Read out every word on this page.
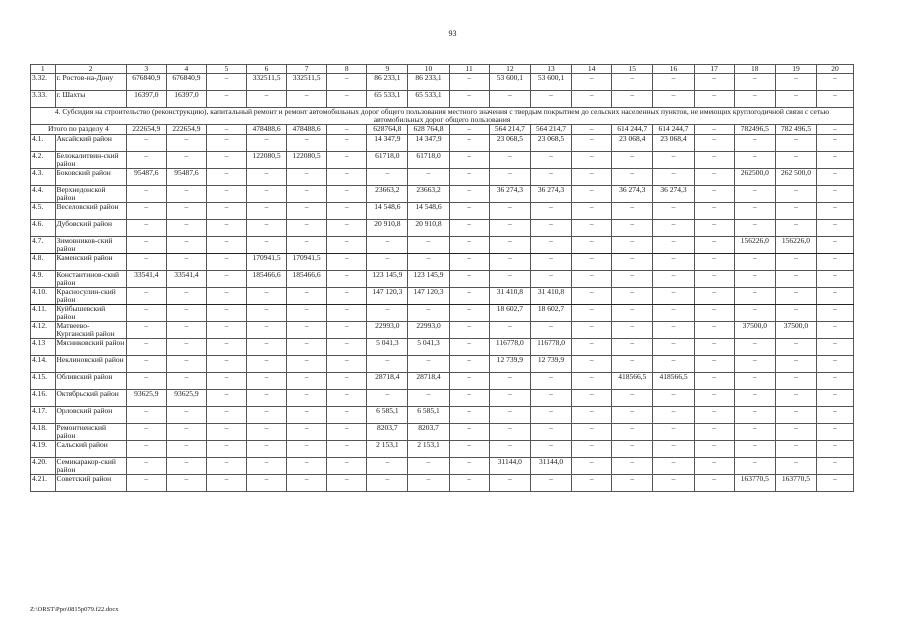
93
1	2	3	4	5	6	7	8	9	10	11	12	13	14	15	16	17	18	19	20
3.32.	г. Ростов-на-Дону	676840,9	676840,9	–	332511,5	332511,5	–	86 233,1	86 233,1	–	53 600,1	53 600,1	–	–	–	–	–	–	–
3.33.	г. Шахты	16397,0	16397,0	–	–	–	–	65 533,1	65 533,1	–	–	–	–	–	–	–	–	–	–
4. Субсидия на строительство (реконструкцию), капитальный ремонт и ремонт автомобильных дорог общего пользования местного значения с твердым покрытием до сельских населенных пунктов, не имеющих круглогодичной связи с сетью автомобильных дорог общего пользования																			
Итого по разделу 4		222654,9	222654,9	–	478488,6	478488,6	–	628764,8	628 764,8	–	564 214,7	564 214,7	–	614 244,7	614 244,7	–	782496,5	782 496,5	–
4.1.	Аксайский район	–	–	–	–	–	–	14 347,9	14 347,9	–	23 068,5	23 068,5	–	23 068,4	23 068,4	–	–	–	–
4.2.	Белокалитвин-ский район	–	–	–	122080,5	122080,5	–	61718,0	61718,0	–	–	–	–	–	–	–	–	–	–
4.3.	Боковский район	95487,6	95487,6	–	–	–	–	–	–	–	–	–	–	–	–	–	262500,0	262 500,0	–
4.4.	Верхнедонской район	–	–	–	–	–	–	23663,2	23663,2	–	36 274,3	36 274,3	–	36 274,3	36 274,3	–	–	–	–
4.5.	Веселовский район	–	–	–	–	–	–	14 548,6	14 548,6	–	–	–	–	–	–	–	–	–	–
4.6.	Дубовский район	–	–	–	–	–	–	20 910,8	20 910,8	–	–	–	–	–	–	–	–	–	–
4.7.	Зимовников-ский район	–	–	–	–	–	–	–	–	–	–	–	–	–	–	–	156226,0	156226,0	–
4.8.	Каменский район	–	–	–	170941,5	170941,5	–	–	–	–	–	–	–	–	–	–	–	–	–
4.9.	Константинов-ский район	33541,4	33541,4	–	185466,6	185466,6	–	123 145,9	123 145,9	–	–	–	–	–	–	–	–	–	–
4.10.	Красносулин-ский район	–	–	–	–	–	–	147 120,3	147 120,3	–	31 410,8	31 410,8	–	–	–	–	–	–	–
4.11.	Куйбышевский район	–	–	–	–	–	–	–	–	–	18 602,7	18 602,7	–	–	–	–	–	–	–
4.12.	Матвеево-Курганский район	–	–	–	–	–	–	22993,0	22993,0	–	–	–	–	–	–	–	37500,0	37500,0	–
4.13	Мясниковский район	–	–	–	–	–	–	5 041,3	5 041,3	–	116778,0	116778,0	–	–	–	–	–	–	–
4.14.	Неклиновский район	–	–	–	–	–	–	–	–	–	12 739,9	12 739,9	–	–	–	–	–	–	–
4.15.	Обливский район	–	–	–	–	–	–	28718,4	28718,4	–	–	–	–	418566,5	418566,5	–	–	–	–
4.16.	Октябрьский район	93625,9	93625,9	–	–	–	–	–	–	–	–	–	–	–	–	–	–	–	–
4.17.	Орловский район	–	–	–	–	–	–	6 585,1	6 585,1	–	–	–	–	–	–	–	–	–	–
4.18.	Ремонтненский район	–	–	–	–	–	–	8203,7	8203,7	–	–	–	–	–	–	–	–	–	–
4.19.	Сальский район	–	–	–	–	–	–	2 153,1	2 153,1	–	–	–	–	–	–	–	–	–	–
4.20.	Семикаракор-ский район	–	–	–	–	–	–	–	–	–	31144,0	31144,0	–	–	–	–	–	–	–
4.21.	Советский район	–	–	–	–	–	–	–	–	–	–	–	–	–	–	–	163770,5	163770,5	–
Z:\ORST\Ppo\0815p079.f22.docx
